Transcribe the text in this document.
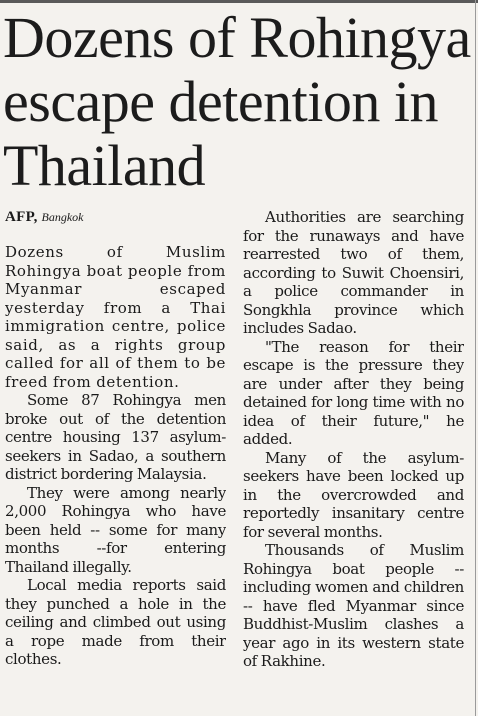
Dozens of Rohingya escape detention in Thailand
AFP, Bangkok

Dozens of Muslim Rohingya boat people from Myanmar escaped yesterday from a Thai immigration centre, police said, as a rights group called for all of them to be freed from detention.

Some 87 Rohingya men broke out of the detention centre housing 137 asylum-seekers in Sadao, a southern district bordering Malaysia.

They were among nearly 2,000 Rohingya who have been held -- some for many months --for entering Thailand illegally.

Local media reports said they punched a hole in the ceiling and climbed out using a rope made from their clothes.

Authorities are searching for the runaways and have rearrested two of them, according to Suwit Choensiri, a police commander in Songkhla province which includes Sadao.

"The reason for their escape is the pressure they are under after they being detained for long time with no idea of their future," he added.

Many of the asylum-seekers have been locked up in the overcrowded and reportedly insanitary centre for several months.

Thousands of Muslim Rohingya boat people -- including women and children -- have fled Myanmar since Buddhist-Muslim clashes a year ago in its western state of Rakhine.
